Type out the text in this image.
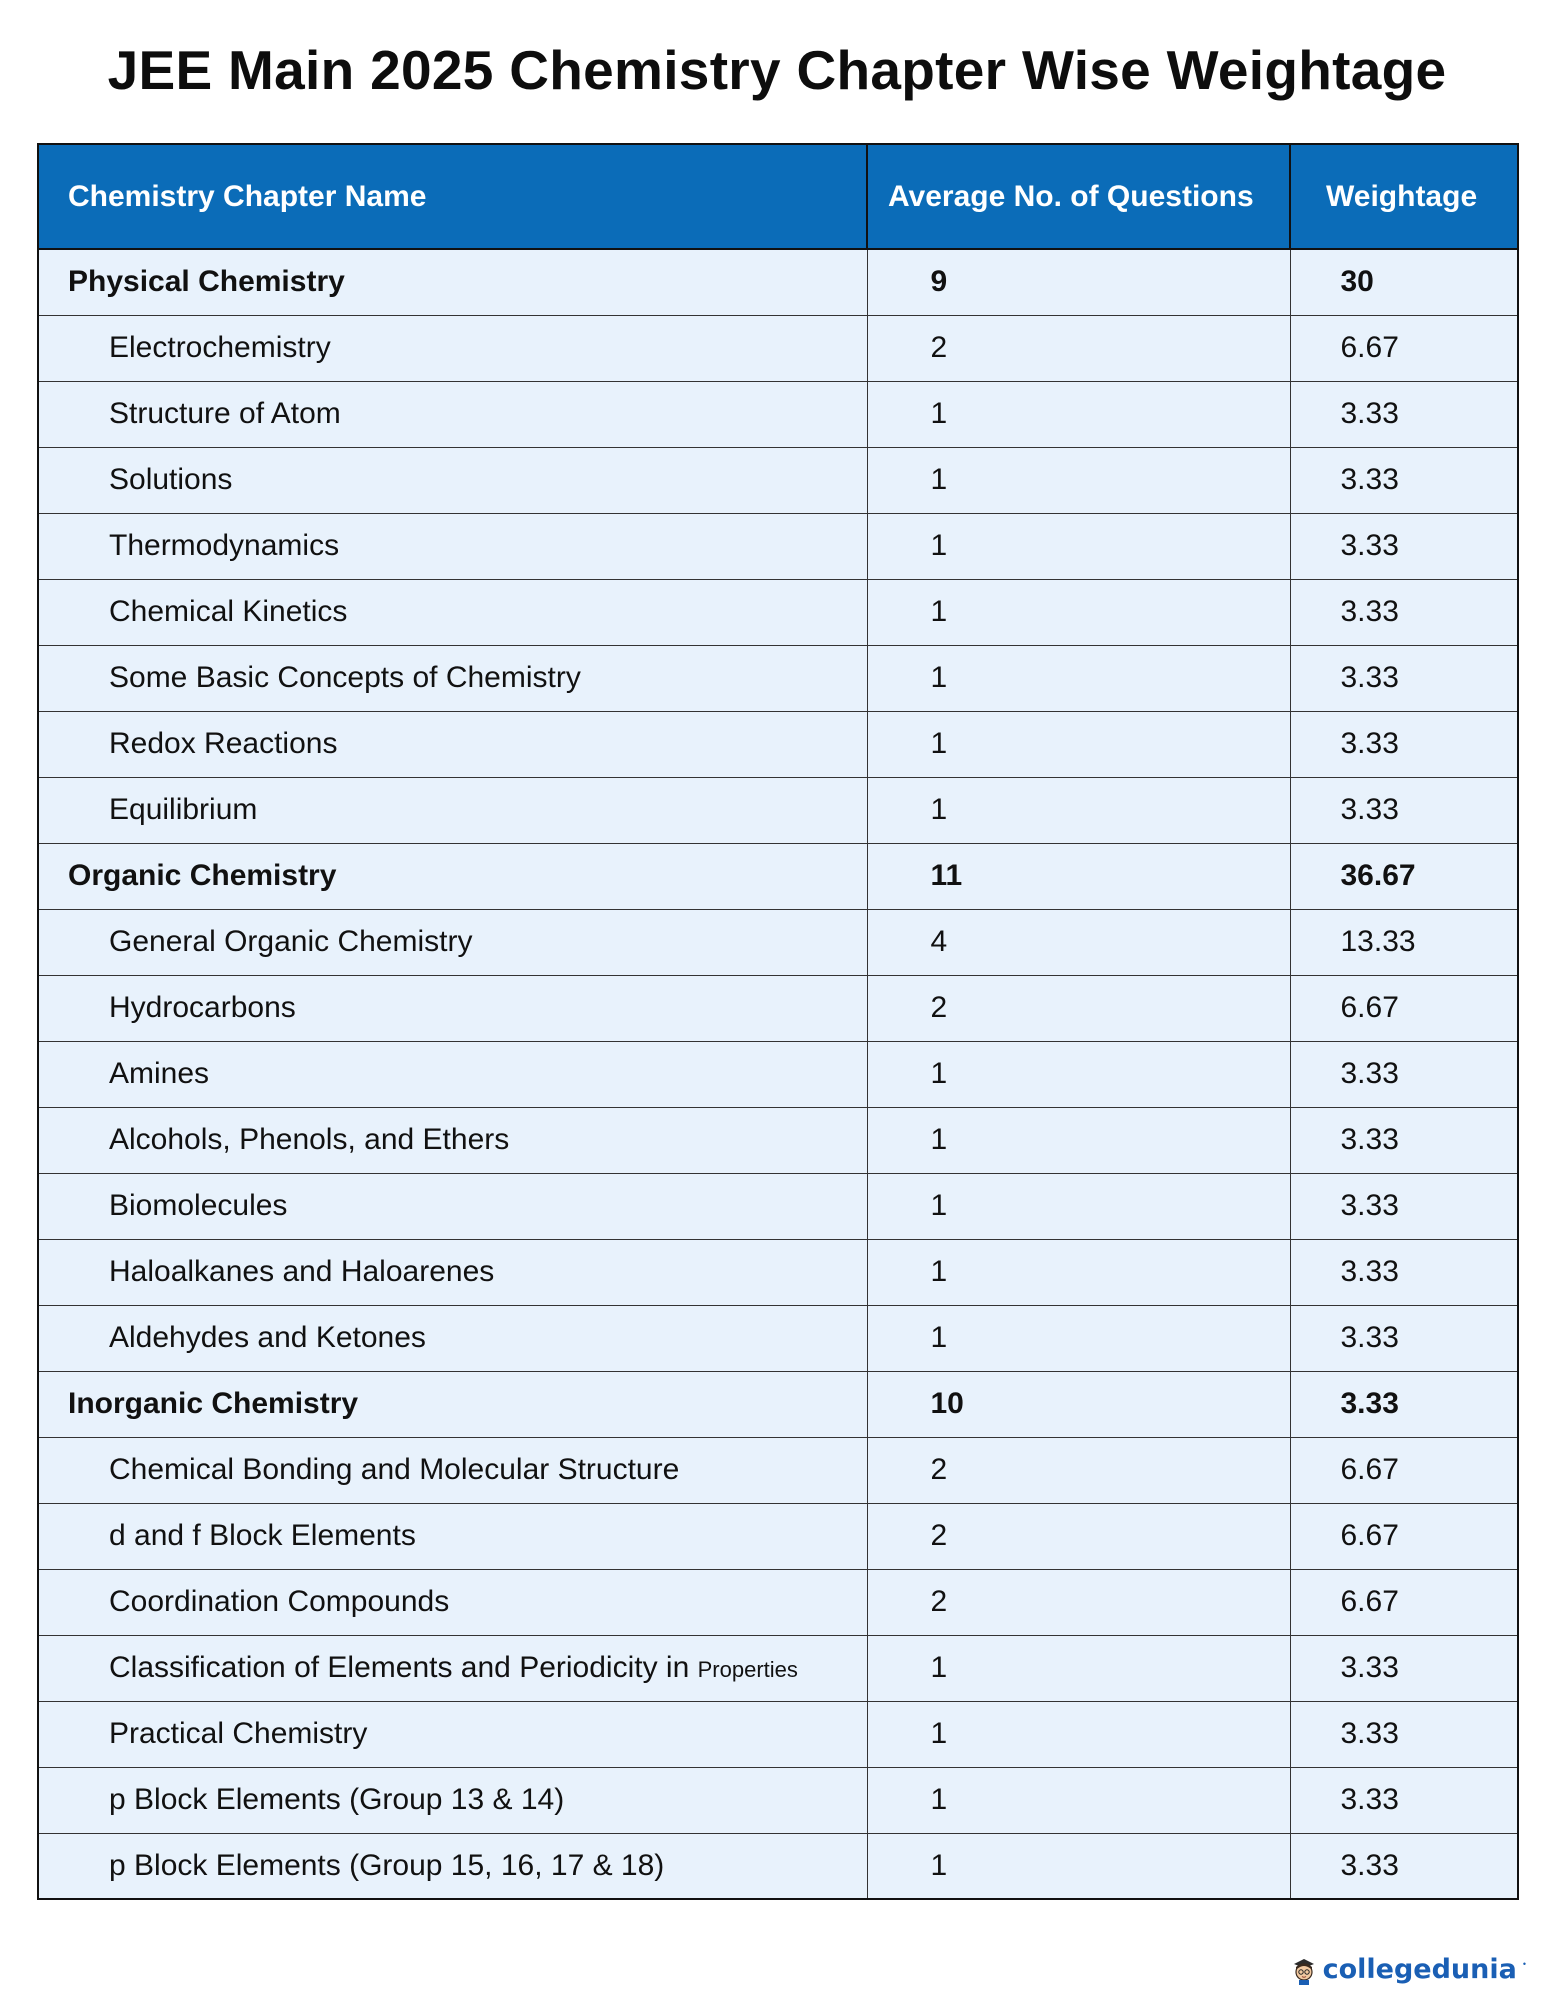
JEE Main 2025 Chemistry Chapter Wise Weightage
Chemistry Chapter Name	Average No. of Questions	Weightage
Physical Chemistry	9	30
Electrochemistry	2	6.67
Structure of Atom	1	3.33
Solutions	1	3.33
Thermodynamics	1	3.33
Chemical Kinetics	1	3.33
Some Basic Concepts of Chemistry	1	3.33
Redox Reactions	1	3.33
Equilibrium	1	3.33
Organic Chemistry	11	36.67
General Organic Chemistry	4	13.33
Hydrocarbons	2	6.67
Amines	1	3.33
Alcohols, Phenols, and Ethers	1	3.33
Biomolecules	1	3.33
Haloalkanes and Haloarenes	1	3.33
Aldehydes and Ketones	1	3.33
Inorganic Chemistry	10	3.33
Chemical Bonding and Molecular Structure	2	6.67
d and f Block Elements	2	6.67
Coordination Compounds	2	6.67
Classification of Elements and Periodicity in Properties	1	3.33
Practical Chemistry	1	3.33
p Block Elements (Group 13 & 14)	1	3.33
p Block Elements (Group 15, 16, 17 & 18)	1	3.33
collegedunia •
